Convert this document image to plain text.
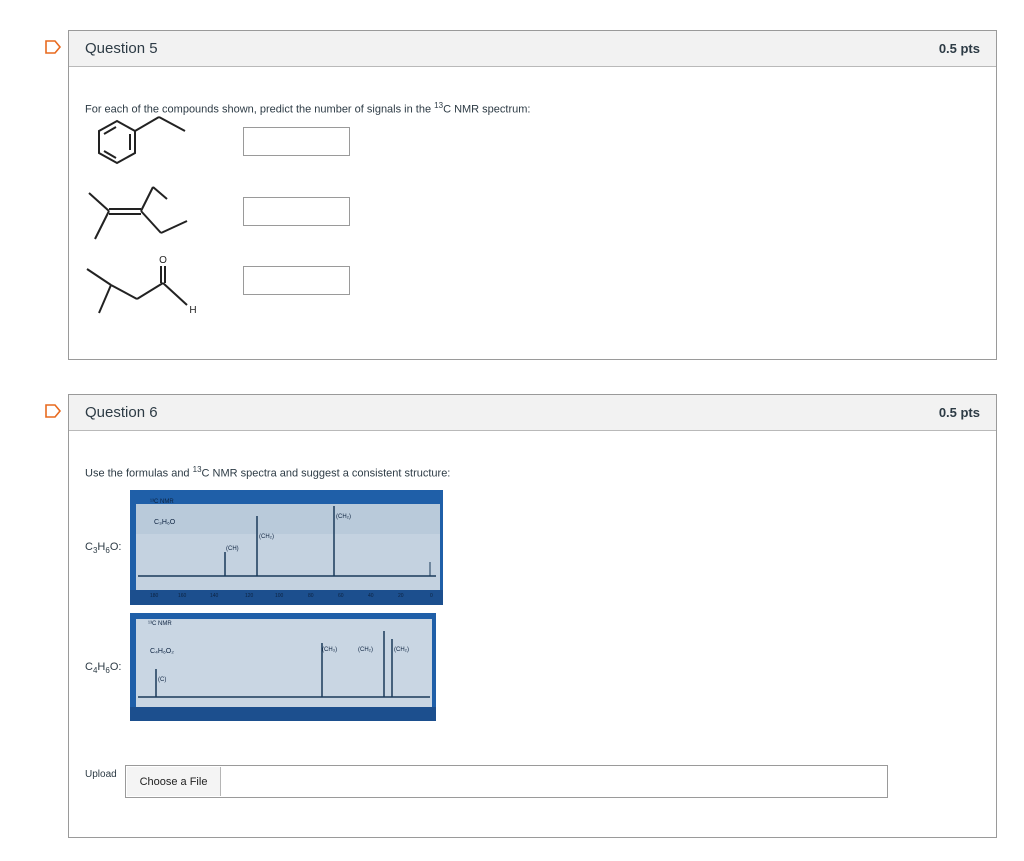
Question 5	0.5 pts
For each of the compounds shown, predict the number of signals in the $^{13}$C NMR spectrum:
O
H
Question 6	0.5 pts
Use the formulas and $^{13}$C NMR spectra and suggest a consistent structure:
$C_3H_6O$:
¹³C NMR
C₃H₆O
(CH)
(CH₂)
(CH₂)
180	160	140	120	100	80	60	40	20	0
$C_4H_6O$:
¹³C NMR
C₄H₆O₂
(C)
(CH₃)	(CH₂)	(CH₂)
Upload
Choose a File
